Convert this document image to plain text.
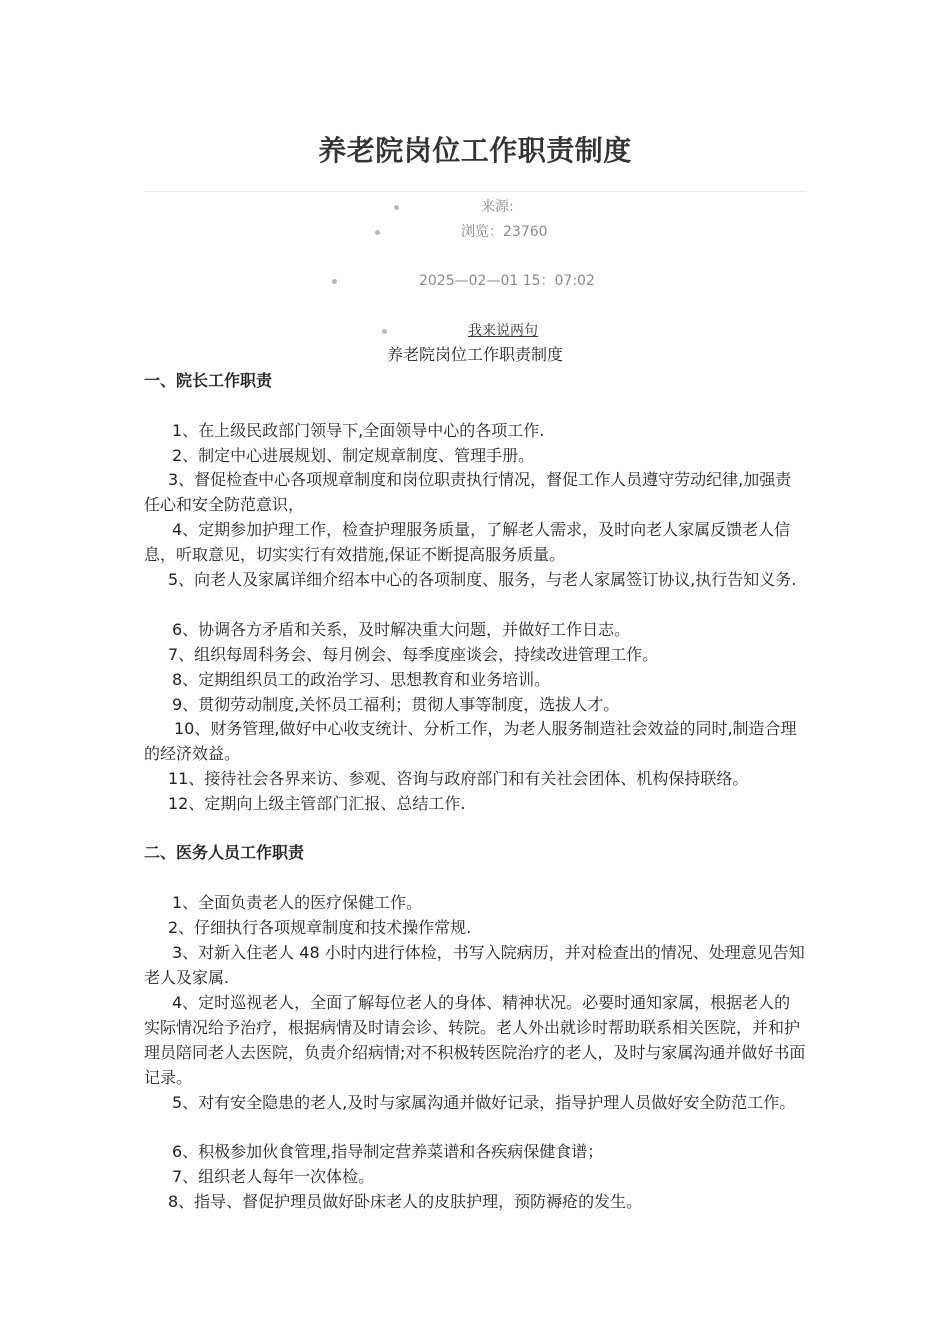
养老院岗位工作职责制度
来源:
浏览：23760
2025—02—01 15：07:02
我来说两句
养老院岗位工作职责制度
一、院长工作职责
1、在上级民政部门领导下,全面领导中心的各项工作.
2、制定中心进展规划、制定规章制度、管理手册。
3、督促检查中心各项规章制度和岗位职责执行情况，督促工作人员遵守劳动纪律,加强责任心和安全防范意识，
4、定期参加护理工作，检查护理服务质量，了解老人需求，及时向老人家属反馈老人信息，听取意见，切实实行有效措施,保证不断提高服务质量。
5、向老人及家属详细介绍本中心的各项制度、服务，与老人家属签订协议,执行告知义务.
6、协调各方矛盾和关系，及时解决重大问题，并做好工作日志。
7、组织每周科务会、每月例会、每季度座谈会，持续改进管理工作。
8、定期组织员工的政治学习、思想教育和业务培训。
9、贯彻劳动制度,关怀员工福利；贯彻人事等制度，选拔人才。
10、财务管理,做好中心收支统计、分析工作，为老人服务制造社会效益的同时,制造合理的经济效益。
11、接待社会各界来访、参观、咨询与政府部门和有关社会团体、机构保持联络。
12、定期向上级主管部门汇报、总结工作.
二、医务人员工作职责
1、全面负责老人的医疗保健工作。
2、仔细执行各项规章制度和技术操作常规.
3、对新入住老人 48 小时内进行体检，书写入院病历，并对检查出的情况、处理意见告知老人及家属.
4、定时巡视老人，全面了解每位老人的身体、精神状况。必要时通知家属，根据老人的实际情况给予治疗，根据病情及时请会诊、转院。老人外出就诊时帮助联系相关医院，并和护理员陪同老人去医院，负责介绍病情;对不积极转医院治疗的老人，及时与家属沟通并做好书面记录。
5、对有安全隐患的老人,及时与家属沟通并做好记录，指导护理人员做好安全防范工作。
6、积极参加伙食管理,指导制定营养菜谱和各疾病保健食谱；
7、组织老人每年一次体检。
8、指导、督促护理员做好卧床老人的皮肤护理，预防褥疮的发生。
